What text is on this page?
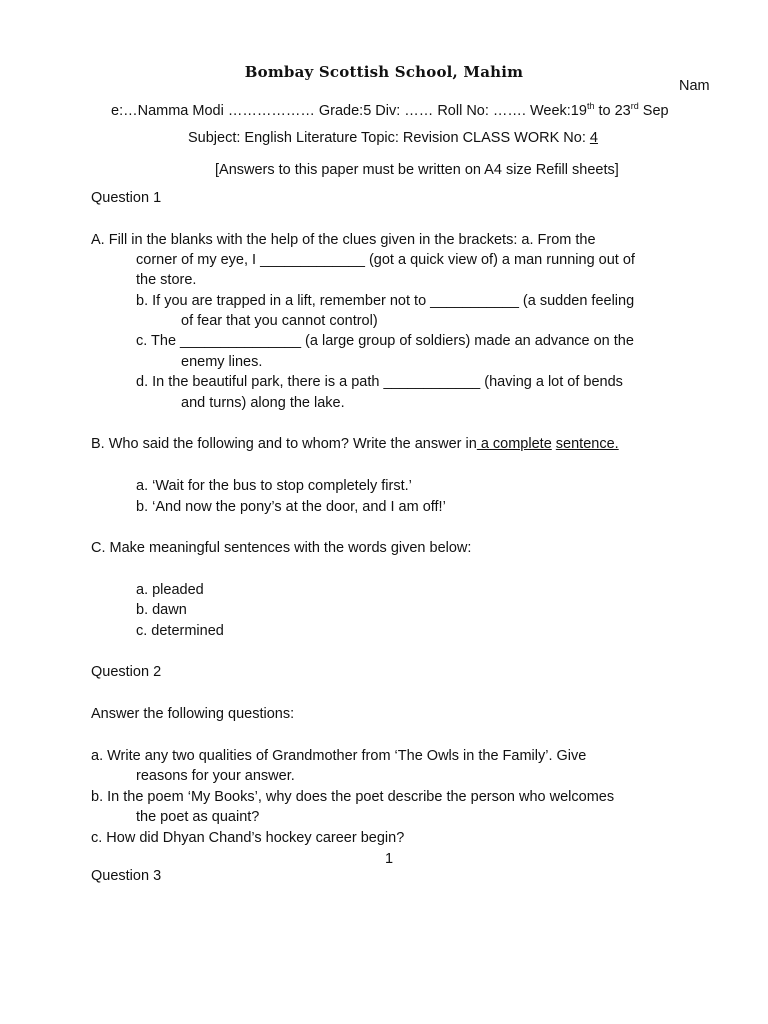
Bombay Scottish School, Mahim
Nam
e:…Namma Modi ……………… Grade:5 Div: …… Roll No: ……. Week:19th to 23rd Sep
Subject: English Literature Topic: Revision CLASS WORK No: 4
[Answers to this paper must be written on A4 size Refill sheets]
Question 1
A. Fill in the blanks with the help of the clues given in the brackets: a. From the
corner of my eye, I _____________ (got a quick view of) a man running out of
the store.
b. If you are trapped in a lift, remember not to ___________ (a sudden feeling
of fear that you cannot control)
c. The _______________ (a large group of soldiers) made an advance on the
enemy lines.
d. In the beautiful park, there is a path ____________ (having a lot of bends
and turns) along the lake.
B. Who said the following and to whom? Write the answer in a complete sentence.
a. ‘Wait for the bus to stop completely first.’
b. ‘And now the pony’s at the door, and I am off!’
C. Make meaningful sentences with the words given below:
a. pleaded
b. dawn
c. determined
Question 2
Answer the following questions:
a. Write any two qualities of Grandmother from ‘The Owls in the Family’. Give
reasons for your answer.
b. In the poem ‘My Books’, why does the poet describe the person who welcomes
the poet as quaint?
c. How did Dhyan Chand’s hockey career begin?
1
Question 3
